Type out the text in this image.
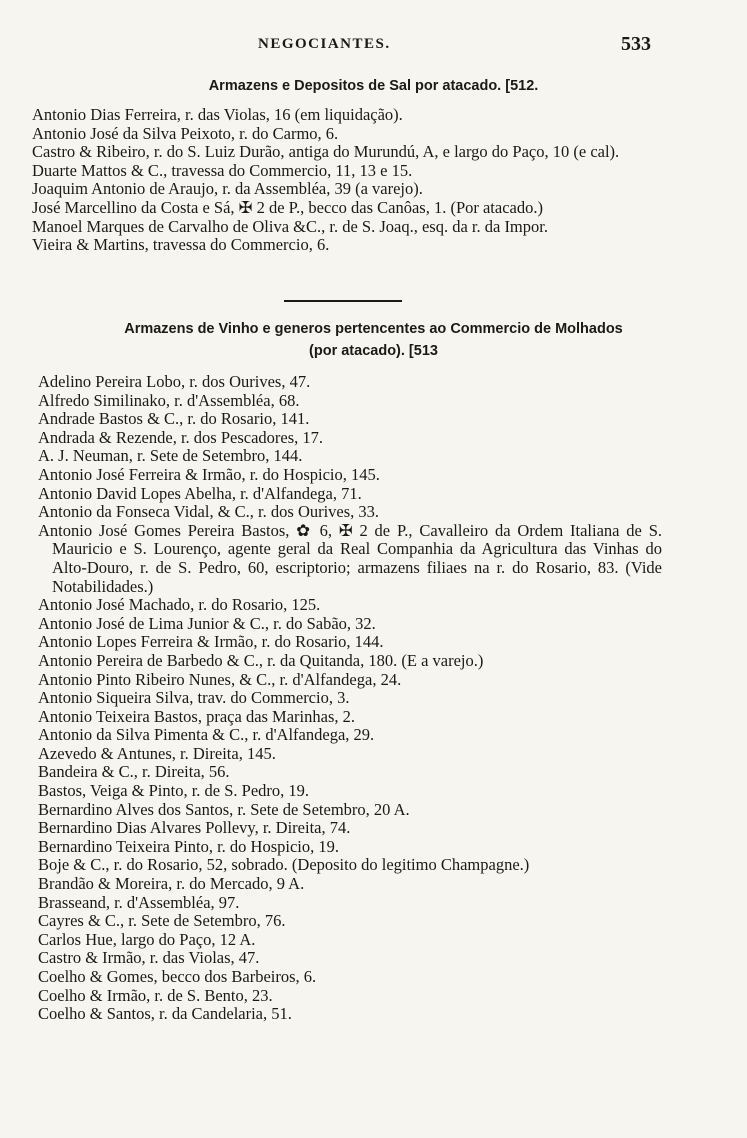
NEGOCIANTES.	533
Armazens e Depositos de Sal por atacado. [512.
Antonio Dias Ferreira, r. das Violas, 16 (em liquidação).
Antonio José da Silva Peixoto, r. do Carmo, 6.
Castro & Ribeiro, r. do S. Luiz Durão, antiga do Murundú, A, e largo do Paço, 10 (e cal).
Duarte Mattos & C., travessa do Commercio, 11, 13 e 15.
Joaquim Antonio de Araujo, r. da Assembléa, 39 (a varejo).
José Marcellino da Costa e Sá, ✠ 2 de P., becco das Canôas, 1. (Por atacado.)
Manoel Marques de Carvalho de Oliva &C., r. de S. Joaq., esq. da r. da Impor.
Vieira & Martins, travessa do Commercio, 6.
Armazens de Vinho e generos pertencentes ao Commercio de Molhados
(por atacado). [513
Adelino Pereira Lobo, r. dos Ourives, 47.
Alfredo Similinako, r. d'Assembléa, 68.
Andrade Bastos & C., r. do Rosario, 141.
Andrada & Rezende, r. dos Pescadores, 17.
A. J. Neuman, r. Sete de Setembro, 144.
Antonio José Ferreira & Irmão, r. do Hospicio, 145.
Antonio David Lopes Abelha, r. d'Alfandega, 71.
Antonio da Fonseca Vidal, & C., r. dos Ourives, 33.
Antonio José Gomes Pereira Bastos, ✿ 6, ✠ 2 de P., Cavalleiro da Ordem Italiana de S. Mauricio e S. Lourenço, agente geral da Real Companhia da Agricultura das Vinhas do Alto-Douro, r. de S. Pedro, 60, escriptorio; armazens filiaes na r. do Rosario, 83. (Vide Notabilidades.)
Antonio José Machado, r. do Rosario, 125.
Antonio José de Lima Junior & C., r. do Sabão, 32.
Antonio Lopes Ferreira & Irmão, r. do Rosario, 144.
Antonio Pereira de Barbedo & C., r. da Quitanda, 180. (E a varejo.)
Antonio Pinto Ribeiro Nunes, & C., r. d'Alfandega, 24.
Antonio Siqueira Silva, trav. do Commercio, 3.
Antonio Teixeira Bastos, praça das Marinhas, 2.
Antonio da Silva Pimenta & C., r. d'Alfandega, 29.
Azevedo & Antunes, r. Direita, 145.
Bandeira & C., r. Direita, 56.
Bastos, Veiga & Pinto, r. de S. Pedro, 19.
Bernardino Alves dos Santos, r. Sete de Setembro, 20 A.
Bernardino Dias Alvares Pollevy, r. Direita, 74.
Bernardino Teixeira Pinto, r. do Hospicio, 19.
Boje & C., r. do Rosario, 52, sobrado. (Deposito do legitimo Champagne.)
Brandão & Moreira, r. do Mercado, 9 A.
Brasseand, r. d'Assembléa, 97.
Cayres & C., r. Sete de Setembro, 76.
Carlos Hue, largo do Paço, 12 A.
Castro & Irmão, r. das Violas, 47.
Coelho & Gomes, becco dos Barbeiros, 6.
Coelho & Irmão, r. de S. Bento, 23.
Coelho & Santos, r. da Candelaria, 51.
